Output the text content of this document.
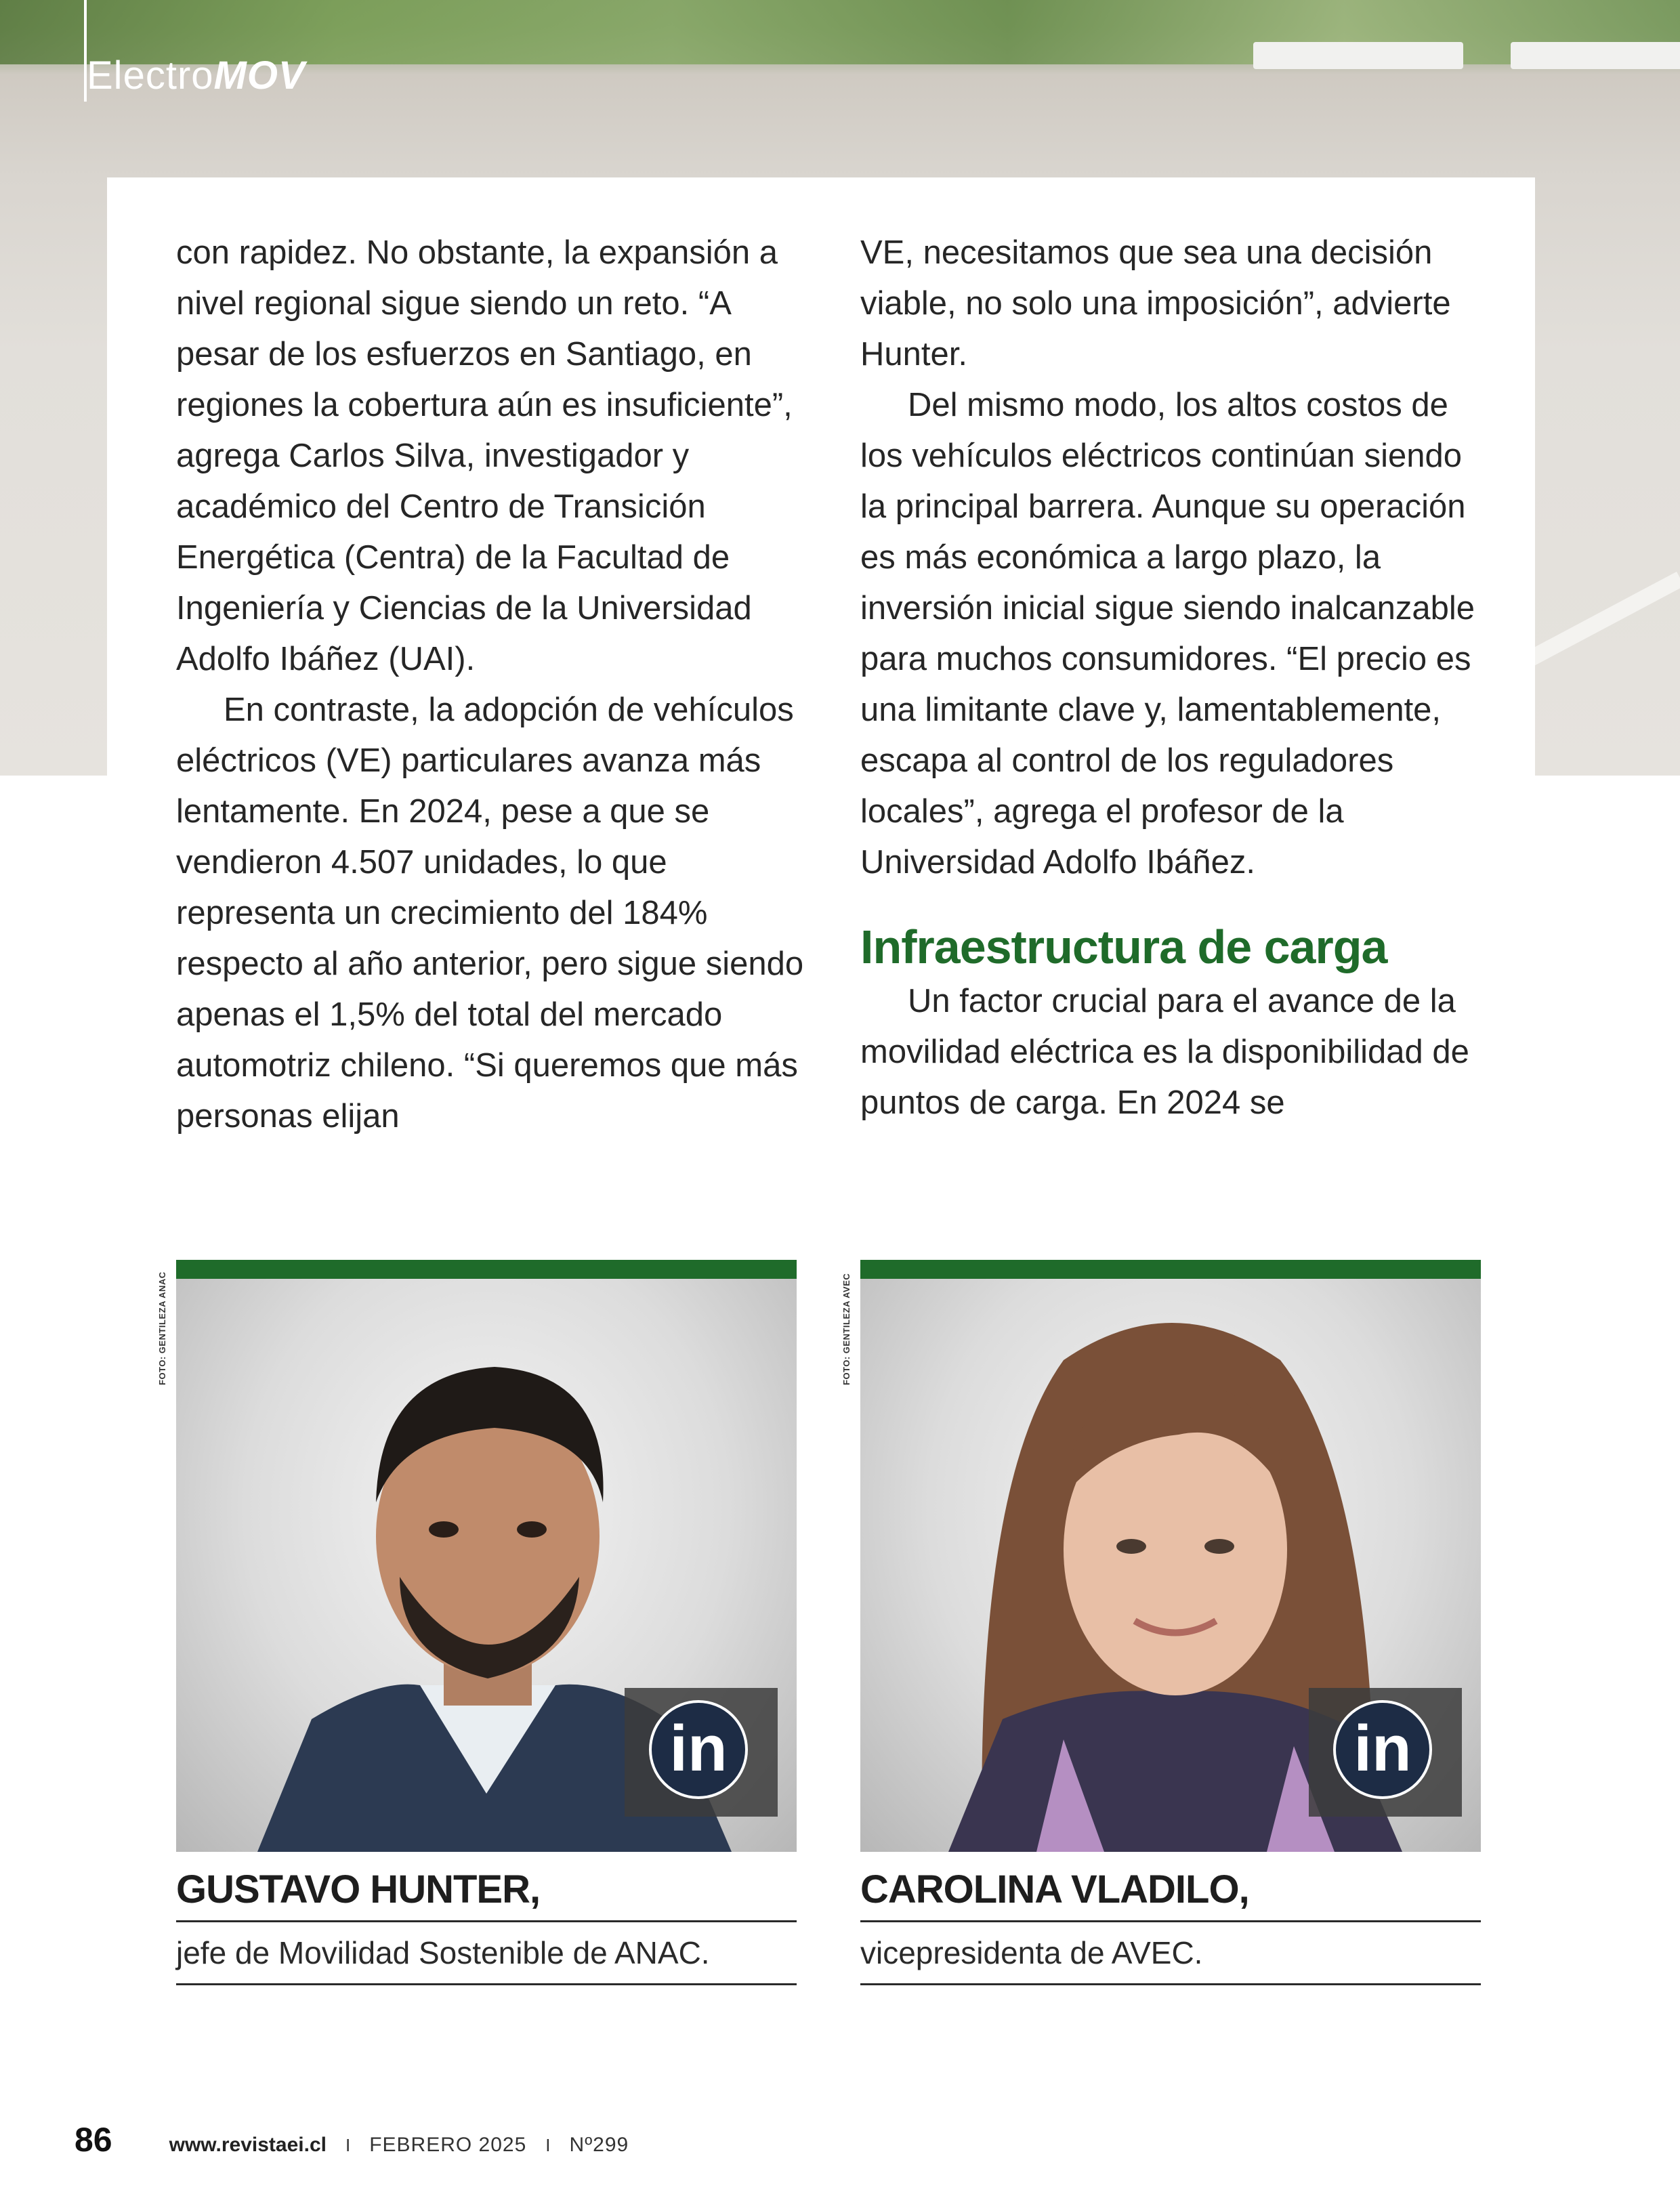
ElectroMOV

con rapidez. No obstante, la expansión a nivel regional sigue siendo un reto. “A pesar de los esfuerzos en Santiago, en regiones la cobertura aún es insuficiente”, agrega Carlos Silva, investigador y académico del Centro de Transición Energética (Centra) de la Facultad de Ingeniería y Ciencias de la Universidad Adolfo Ibáñez (UAI).

En contraste, la adopción de vehículos eléctricos (VE) particulares avanza más lentamente. En 2024, pese a que se vendieron 4.507 unidades, lo que representa un crecimiento del 184% respecto al año anterior, pero sigue siendo apenas el 1,5% del total del mercado automotriz chileno. “Si queremos que más personas elijan

VE, necesitamos que sea una decisión viable, no solo una imposición”, advierte Hunter.

Del mismo modo, los altos costos de los vehículos eléctricos continúan siendo la principal barrera. Aunque su operación es más económica a largo plazo, la inversión inicial sigue siendo inalcanzable para muchos consumidores. “El precio es una limitante clave y, lamentablemente, escapa al control de los reguladores locales”, agrega el profesor de la Universidad Adolfo Ibáñez.

Infraestructura de carga

Un factor crucial para el avance de la movilidad eléctrica es la disponibilidad de puntos de carga. En 2024 se

FOTO: GENTILEZA ANAC	FOTO: GENTILEZA AVEC
in
GUSTAVO HUNTER,
jefe de Movilidad Sostenible de ANAC.
in
CAROLINA VLADILO,
vicepresidenta de AVEC.
86	www.revistaei.cl I FEBRERO 2025 I Nº299
